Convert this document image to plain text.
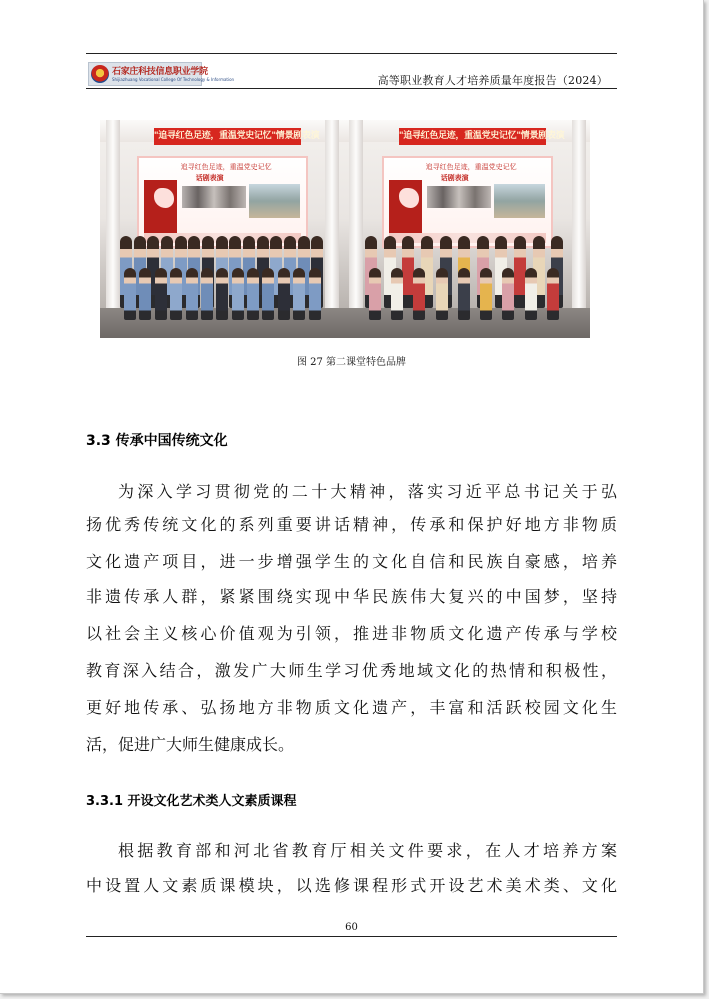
石家庄科技信息职业学院
Shijiazhuang Vocational College Of Technology & Information	高等职业教育人才培养质量年度报告（2024）
"追寻红色足迹，重温党史记忆"情景剧表演
追寻红色足迹，重温党史记忆
话剧表演
"追寻红色足迹，重温党史记忆"情景剧表演
追寻红色足迹，重温党史记忆
话剧表演
图 27 第二课堂特色品牌
3.3 传承中国传统文化
为深入学习贯彻党的二十大精神，落实习近平总书记关于弘
扬优秀传统文化的系列重要讲话精神，传承和保护好地方非物质
文化遗产项目，进一步增强学生的文化自信和民族自豪感，培养
非遗传承人群，紧紧围绕实现中华民族伟大复兴的中国梦，坚持
以社会主义核心价值观为引领，推进非物质文化遗产传承与学校
教育深入结合，激发广大师生学习优秀地域文化的热情和积极性，
更好地传承、弘扬地方非物质文化遗产，丰富和活跃校园文化生
活，促进广大师生健康成长。
3.3.1 开设文化艺术类人文素质课程
根据教育部和河北省教育厅相关文件要求，在人才培养方案
中设置人文素质课模块，以选修课程形式开设艺术美术类、文化
60
